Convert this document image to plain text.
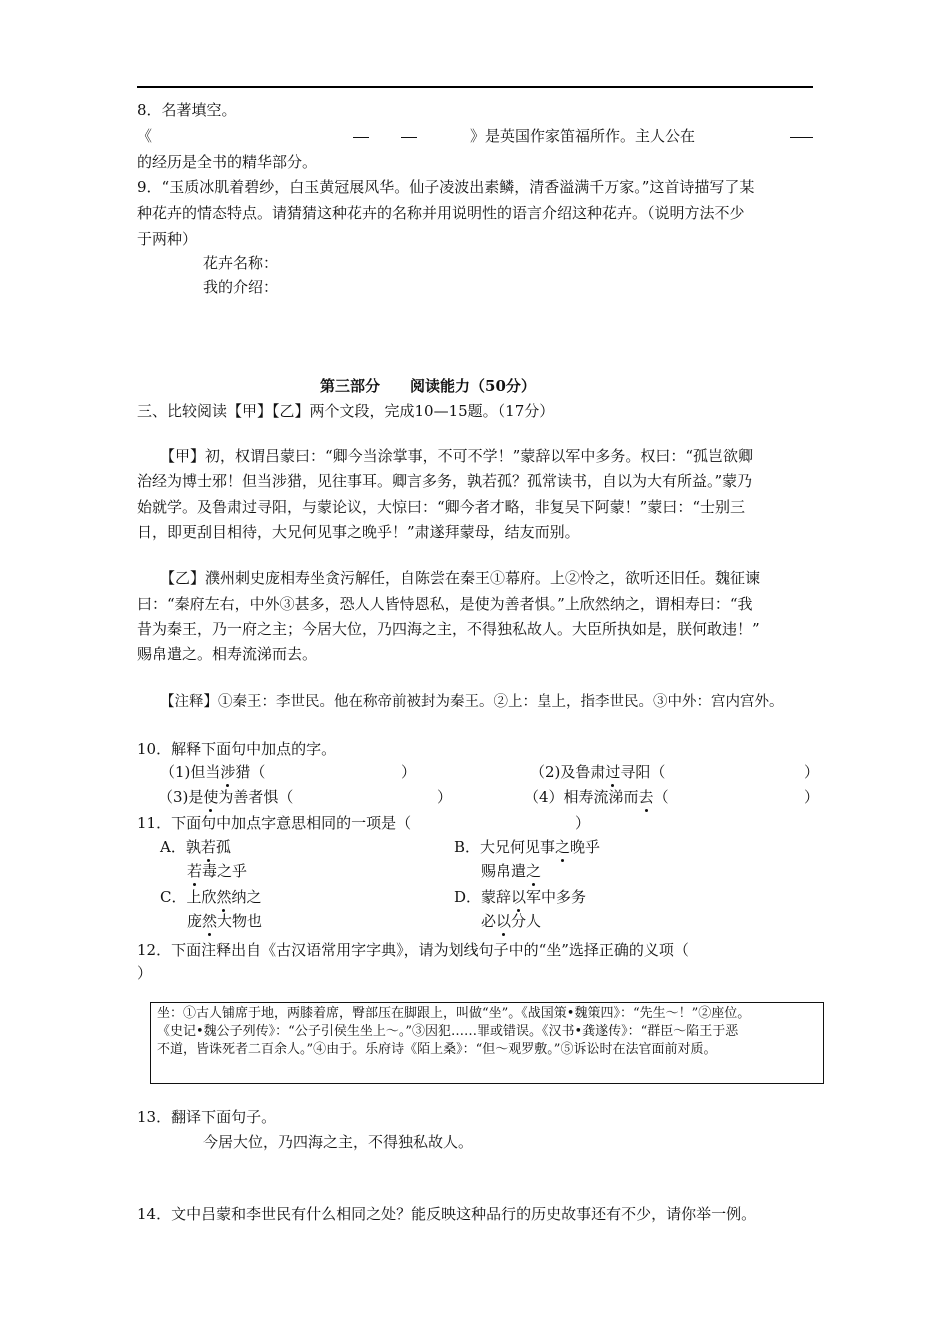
8．名著填空。
《	》是英国作家笛福所作。主人公在
的经历是全书的精华部分。
9．“玉质冰肌着碧纱，白玉黄冠展风华。仙子凌波出素鳞，清香溢满千万家。”这首诗描写了某
种花卉的情态特点。请猜猜这种花卉的名称并用说明性的语言介绍这种花卉。（说明方法不少
于两种）
花卉名称：
我的介绍：
第三部分　　阅读能力（50分）
三、比较阅读【甲】【乙】两个文段，完成10—15题。（17分）
【甲】初，权谓吕蒙曰：“卿今当涂掌事，不可不学！”蒙辞以军中多务。权曰：“孤岂欲卿
治经为博士邪！但当涉猎，见往事耳。卿言多务，孰若孤？孤常读书，自以为大有所益。”蒙乃
始就学。及鲁肃过寻阳，与蒙论议，大惊曰：“卿今者才略，非复吴下阿蒙！”蒙曰：“士别三
日，即更刮目相待，大兄何见事之晚乎！”肃遂拜蒙母，结友而别。
【乙】濮州刺史庞相寿坐贪污解任，自陈尝在秦王①幕府。上②怜之，欲听还旧任。魏征谏
曰：“秦府左右，中外③甚多，恐人人皆恃恩私，是使为善者惧。”上欣然纳之，谓相寿曰：“我
昔为秦王，乃一府之主；今居大位，乃四海之主，不得独私故人。大臣所执如是，朕何敢违！”
赐帛遣之。相寿流涕而去。
【注释】①秦王：李世民。他在称帝前被封为秦王。②上：皇上，指李世民。③中外：宫内宫外。
10．解释下面句中加点的字。
（1)但当涉猎（	）	（2)及鲁肃过寻阳（	）
（3)是使为善者惧（	）	（4）相寿流涕而去（	）
11．下面句中加点字意思相同的一项是（	）
A．孰若孤
若毒之乎
B．大兄何见事之晚乎
赐帛遣之
C．上欣然纳之
庞然大物也
D．蒙辞以军中多务
必以分人
12．下面注释出自《古汉语常用字字典》，请为划线句子中的“坐”选择正确的义项（
）
坐：①古人铺席于地，两膝着席，臀部压在脚跟上，叫做“坐”。《战国策•魏策四》：“先生～！”②座位。
《史记•魏公子列传》：“公子引侯生坐上～。”③因犯……罪或错误。《汉书•龚遂传》：“群臣～陷王于恶
不道，皆诛死者二百余人。”④由于。乐府诗《陌上桑》：“但～观罗敷。”⑤诉讼时在法官面前对质。
13．翻译下面句子。
今居大位，乃四海之主，不得独私故人。
14．文中吕蒙和李世民有什么相同之处？能反映这种品行的历史故事还有不少，请你举一例。
